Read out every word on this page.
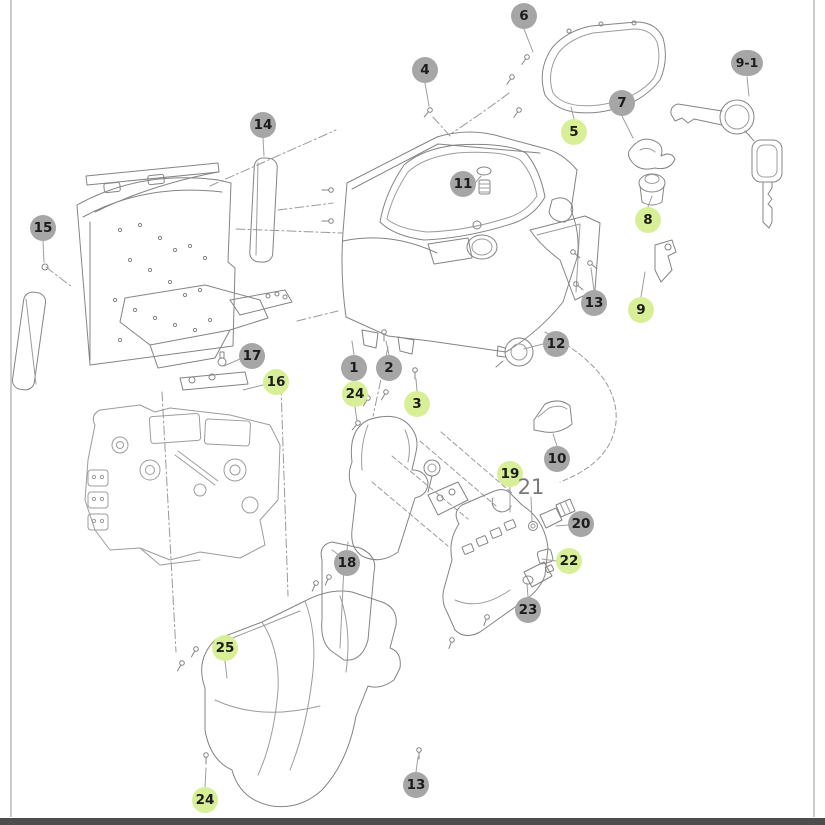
6
4	9-1
7
14	5
11
8
15
13	9
12
17
1	2
16
24
3
10
19
20
22
18
23
25
13
24
21
